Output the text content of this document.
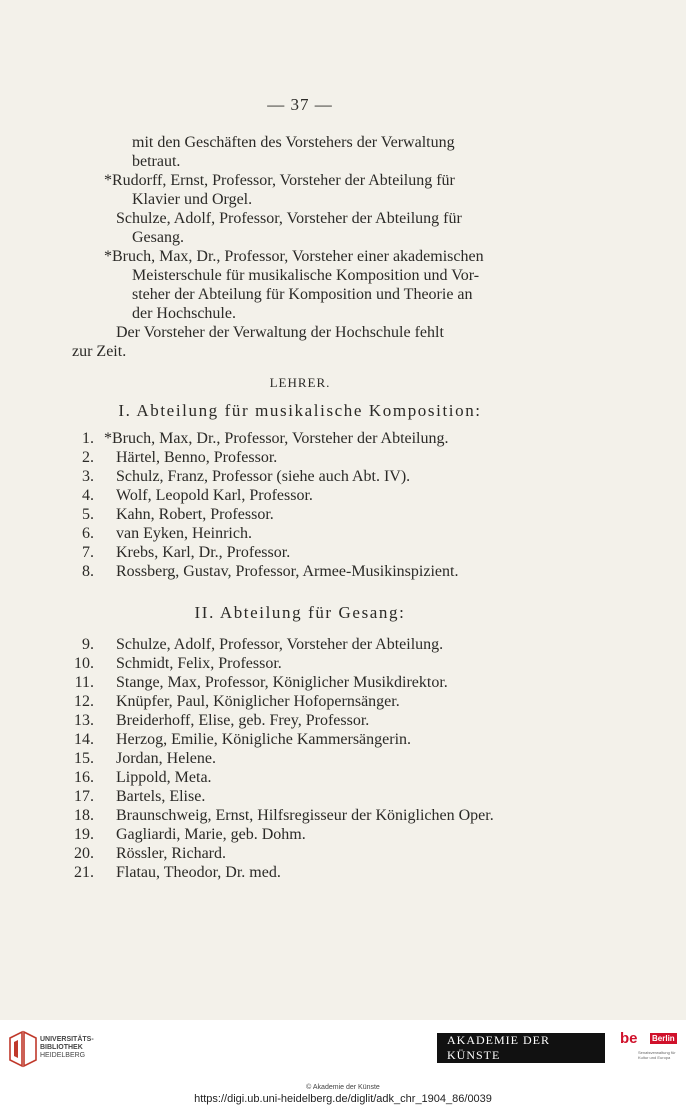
— 37 —
mit den Geschäften des Vorstehers der Verwaltung
betraut.
*Rudorff, Ernst, Professor, Vorsteher der Abteilung für
Klavier und Orgel.
Schulze, Adolf, Professor, Vorsteher der Abteilung für
Gesang.
*Bruch, Max, Dr., Professor, Vorsteher einer akademischen
Meisterschule für musikalische Komposition und Vor-
steher der Abteilung für Komposition und Theorie an
der Hochschule.
Der Vorsteher der Verwaltung der Hochschule fehlt
zur Zeit.
LEHRER.
I. Abteilung für musikalische Komposition:
1. *Bruch, Max, Dr., Professor, Vorsteher der Abteilung.
2. Härtel, Benno, Professor.
3. Schulz, Franz, Professor (siehe auch Abt. IV).
4. Wolf, Leopold Karl, Professor.
5. Kahn, Robert, Professor.
6. van Eyken, Heinrich.
7. Krebs, Karl, Dr., Professor.
8. Rossberg, Gustav, Professor, Armee-Musikinspizient.
II. Abteilung für Gesang:
9. Schulze, Adolf, Professor, Vorsteher der Abteilung.
10. Schmidt, Felix, Professor.
11. Stange, Max, Professor, Königlicher Musikdirektor.
12. Knüpfer, Paul, Königlicher Hofopernsänger.
13. Breiderhoff, Elise, geb. Frey, Professor.
14. Herzog, Emilie, Königliche Kammersängerin.
15. Jordan, Helene.
16. Lippold, Meta.
17. Bartels, Elise.
18. Braunschweig, Ernst, Hilfsregisseur der Königlichen Oper.
19. Gagliardi, Marie, geb. Dohm.
20. Rössler, Richard.
21. Flatau, Theodor, Dr. med.
UNIVERSITÄTS-
BIBLIOTHEK
HEIDELBERG
AKADEMIE DER KÜNSTE
be Berlin
Senatsverwaltung für Kultur und Europa
© Akademie der Künste
https://digi.ub.uni-heidelberg.de/diglit/adk_chr_1904_86/0039
